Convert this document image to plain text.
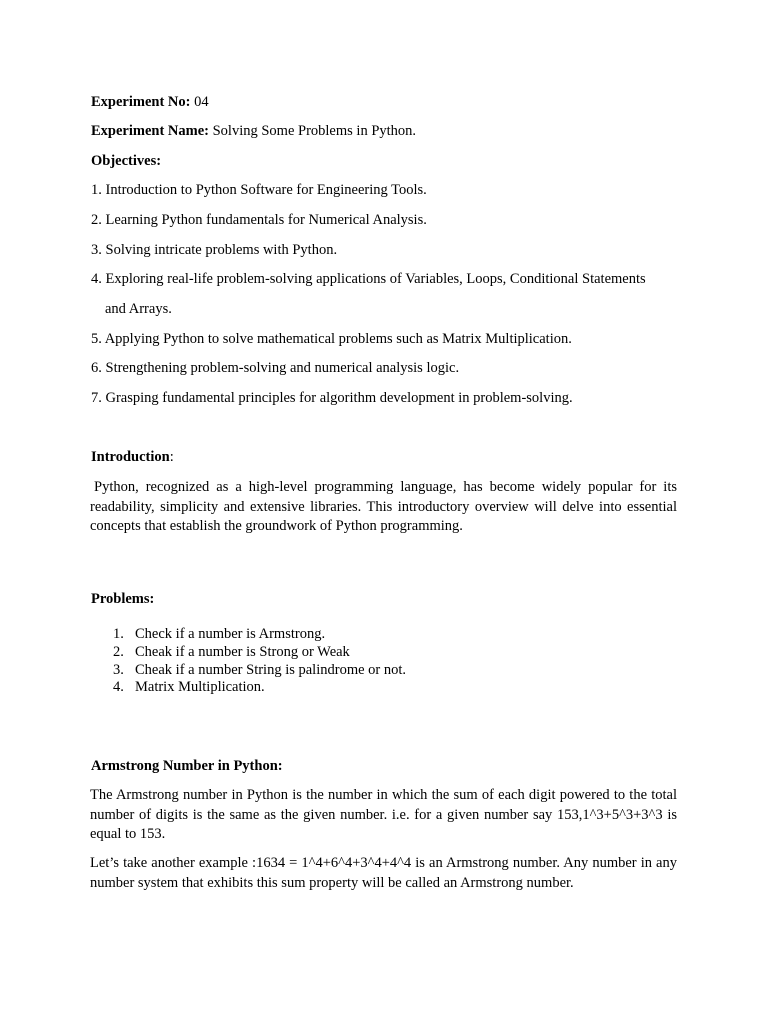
Experiment No: 04
Experiment Name: Solving Some Problems in Python.
Objectives:
1. Introduction to Python Software for Engineering Tools.
2. Learning Python fundamentals for Numerical Analysis.
3. Solving intricate problems with Python.
4. Exploring real-life problem-solving applications of Variables, Loops, Conditional Statements
and Arrays.
5. Applying Python to solve mathematical problems such as Matrix Multiplication.
6. Strengthening problem-solving and numerical analysis logic.
7. Grasping fundamental principles for algorithm development in problem-solving.
Introduction:
Python, recognized as a high-level programming language, has become widely popular for its readability, simplicity and extensive libraries. This introductory overview will delve into essential concepts that establish the groundwork of Python programming.
Problems:
1. Check if a number is Armstrong.
2. Cheak if a number is Strong or Weak
3. Cheak if a number String is palindrome or not.
4. Matrix Multiplication.
Armstrong Number in Python:
The Armstrong number in Python is the number in which the sum of each digit powered to the total number of digits is the same as the given number. i.e. for a given number say 153,1^3+5^3+3^3 is equal to 153.
Let’s take another example :1634 = 1^4+6^4+3^4+4^4 is an Armstrong number. Any number in any number system that exhibits this sum property will be called an Armstrong number.
